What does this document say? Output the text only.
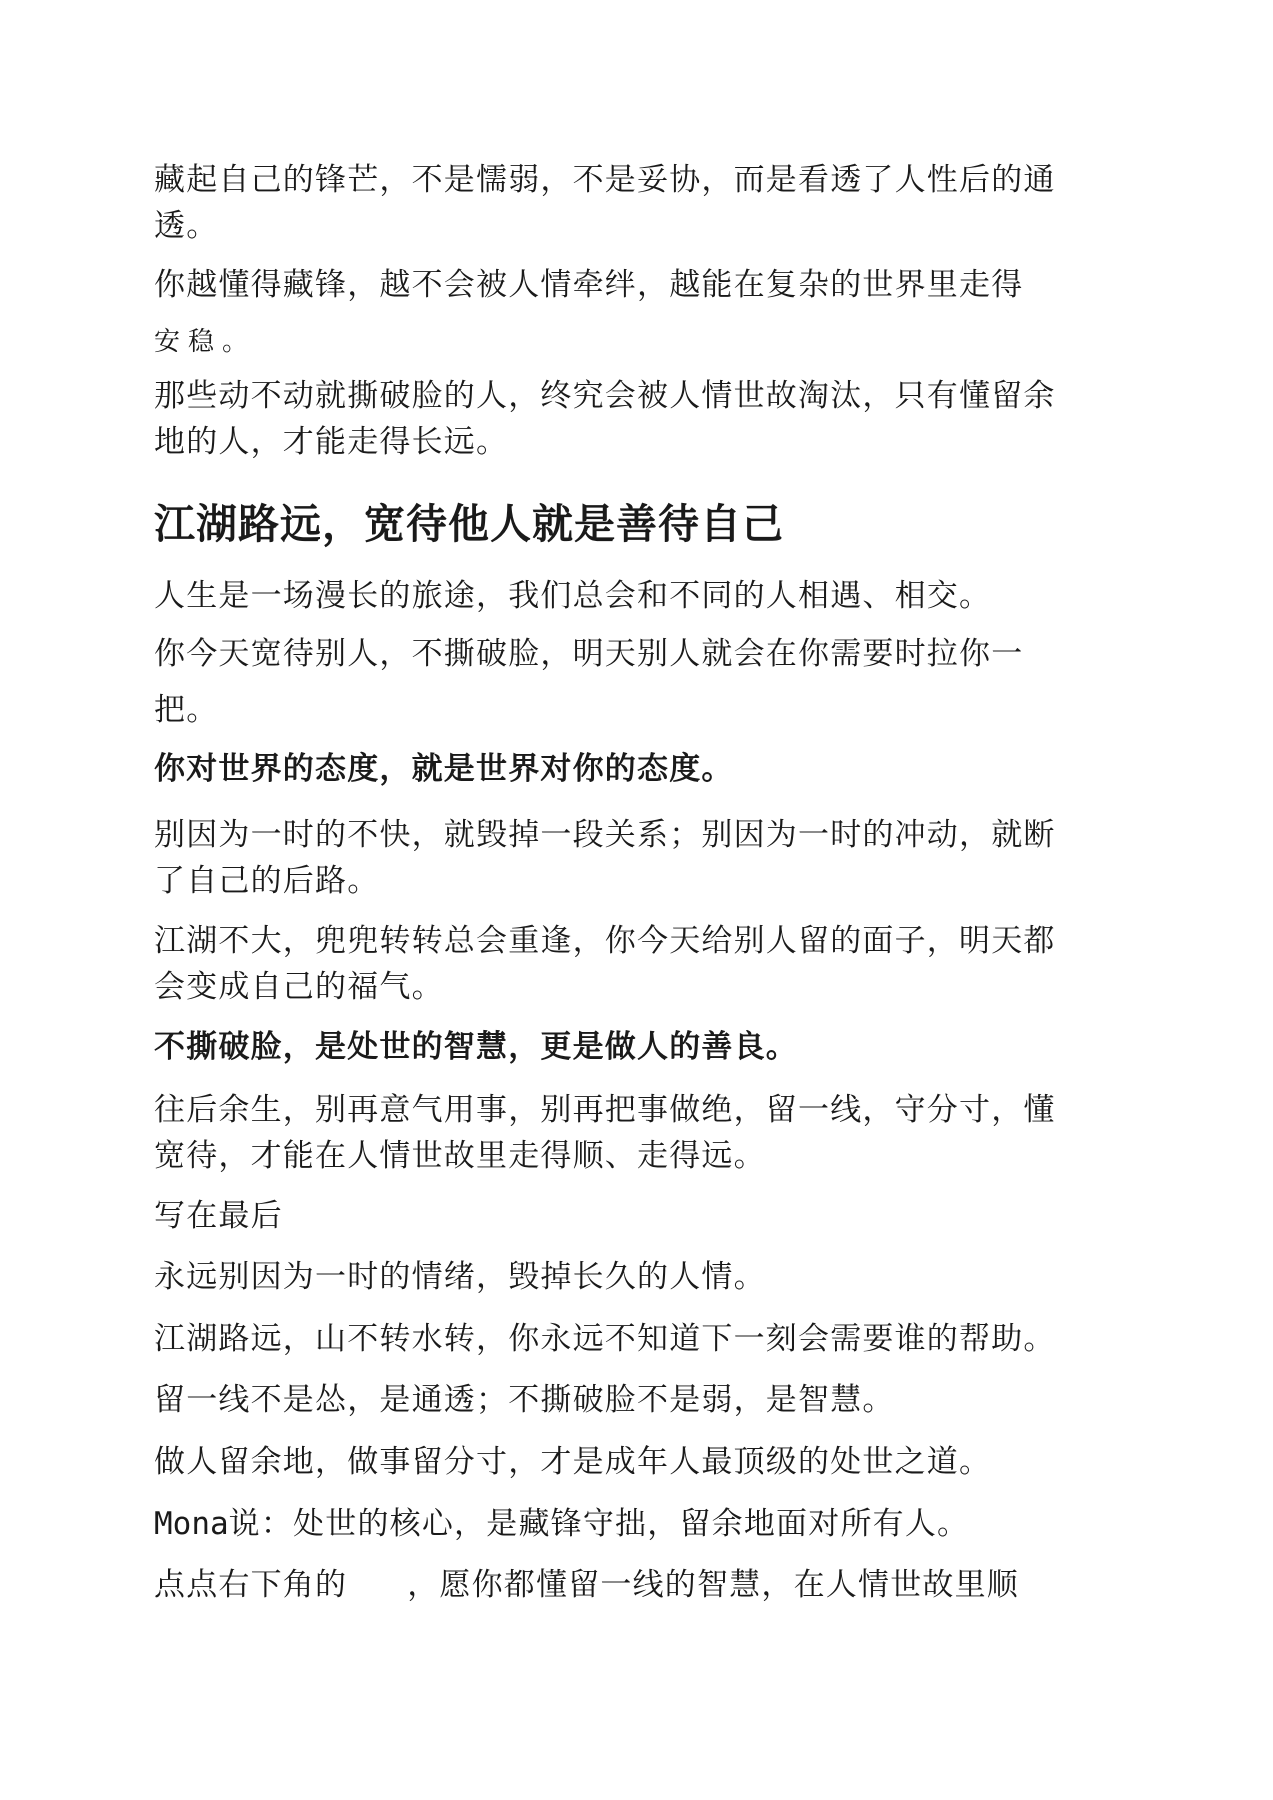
藏起自己的锋芒，不是懦弱，不是妥协，而是看透了人性后的通
透。
你越懂得藏锋，越不会被人情牵绊，越能在复杂的世界里走得
安稳。
那些动不动就撕破脸的人，终究会被人情世故淘汰，只有懂留余
地的人，才能走得长远。
江湖路远，宽待他人就是善待自己
人生是一场漫长的旅途，我们总会和不同的人相遇、相交。
你今天宽待别人，不撕破脸，明天别人就会在你需要时拉你一
把。
你对世界的态度，就是世界对你的态度。
别因为一时的不快，就毁掉一段关系；别因为一时的冲动，就断
了自己的后路。
江湖不大，兜兜转转总会重逢，你今天给别人留的面子，明天都
会变成自己的福气。
不撕破脸，是处世的智慧，更是做人的善良。
往后余生，别再意气用事，别再把事做绝，留一线，守分寸，懂
宽待，才能在人情世故里走得顺、走得远。
写在最后
永远别因为一时的情绪，毁掉长久的人情。
江湖路远，山不转水转，你永远不知道下一刻会需要谁的帮助。
留一线不是怂，是通透；不撕破脸不是弱，是智慧。
做人留余地，做事留分寸，才是成年人最顶级的处世之道。
Mona说：处世的核心，是藏锋守拙，留余地面对所有人。
点点右下角的 ，愿你都懂留一线的智慧，在人情世故里顺
